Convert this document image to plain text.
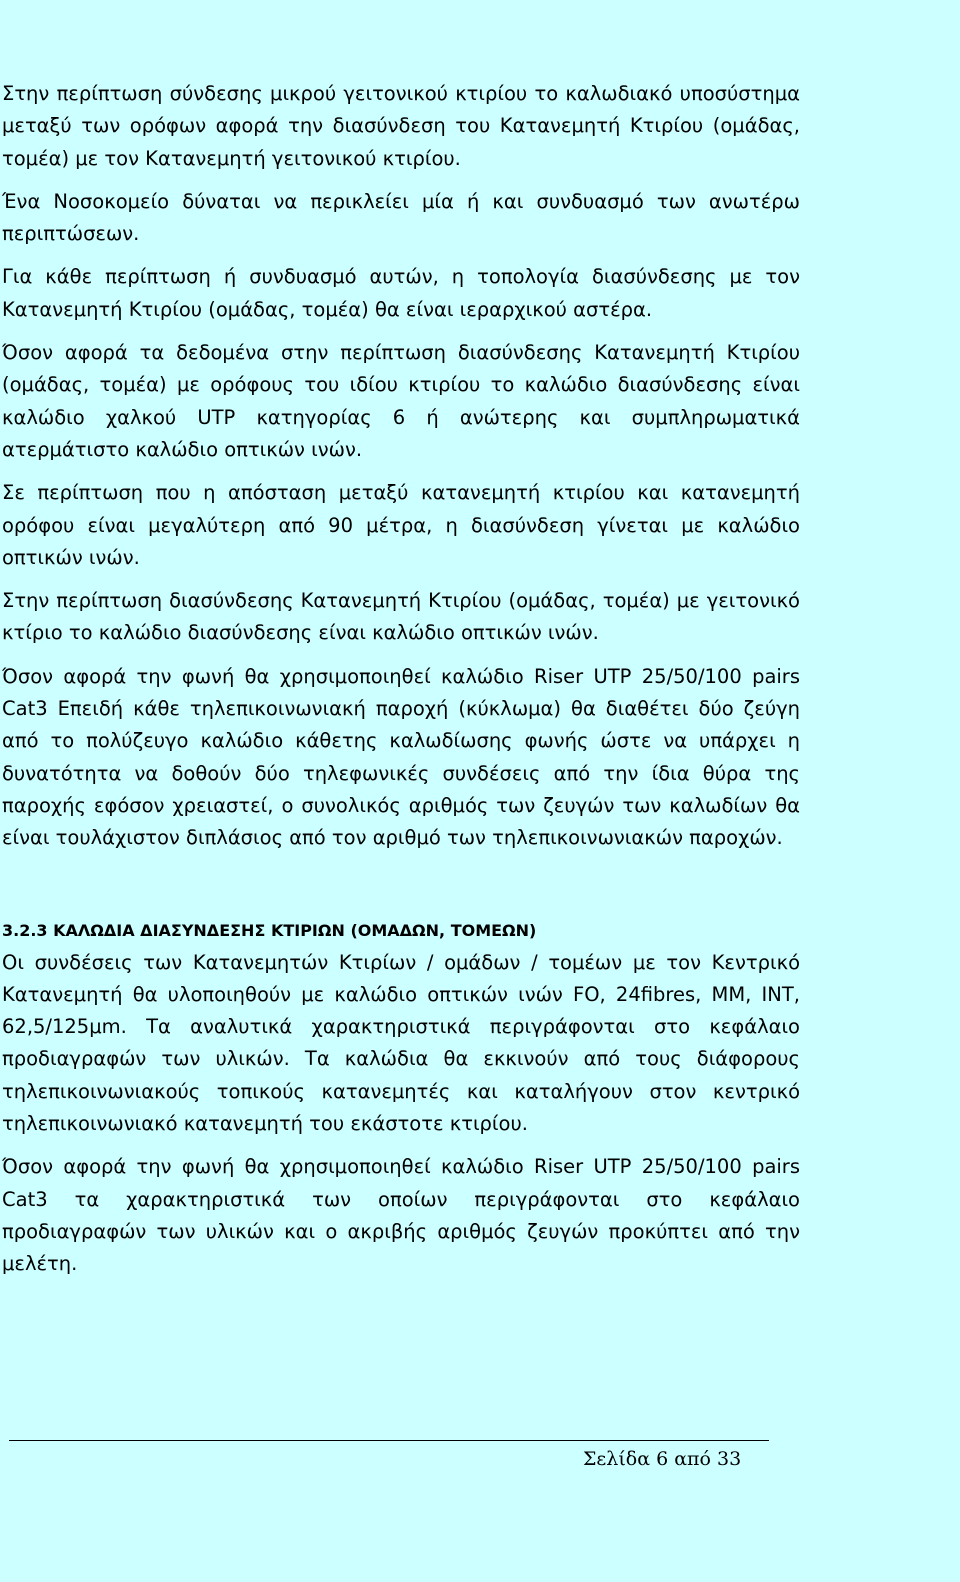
Στην περίπτωση σύνδεσης μικρού γειτονικού κτιρίου το καλωδιακό υποσύστημα μεταξύ των ορόφων αφορά την διασύνδεση του Κατανεμητή Κτιρίου (ομάδας, τομέα) με τον Κατανεμητή γειτονικού κτιρίου.

Ένα Νοσοκομείο δύναται να περικλείει μία ή και συνδυασμό των ανωτέρω περιπτώσεων.

Για κάθε περίπτωση ή συνδυασμό αυτών, η τοπολογία διασύνδεσης με τον Κατανεμητή Κτιρίου (ομάδας, τομέα) θα είναι ιεραρχικού αστέρα.

Όσον αφορά τα δεδομένα στην περίπτωση διασύνδεσης Κατανεμητή Κτιρίου (ομάδας, τομέα) με ορόφους του ιδίου κτιρίου το καλώδιο διασύνδεσης είναι καλώδιο χαλκού UTP κατηγορίας 6 ή ανώτερης και συμπληρωματικά ατερμάτιστο καλώδιο οπτικών ινών.

Σε περίπτωση που η απόσταση μεταξύ κατανεμητή κτιρίου και κατανεμητή ορόφου είναι μεγαλύτερη από 90 μέτρα, η διασύνδεση γίνεται με καλώδιο οπτικών ινών.

Στην περίπτωση διασύνδεσης Κατανεμητή Κτιρίου (ομάδας, τομέα) με γειτονικό κτίριο το καλώδιο διασύνδεσης είναι καλώδιο οπτικών ινών.

Όσον αφορά την φωνή θα χρησιμοποιηθεί καλώδιο Riser UTP 25/50/100 pairs Cat3 Επειδή κάθε τηλεπικοινωνιακή παροχή (κύκλωμα) θα διαθέτει δύο ζεύγη από το πολύζευγο καλώδιο κάθετης καλωδίωσης φωνής ώστε να υπάρχει η δυνατότητα να δοθούν δύο τηλεφωνικές συνδέσεις από την ίδια θύρα της παροχής εφόσον χρειαστεί, ο συνολικός αριθμός των ζευγών των καλωδίων θα είναι τουλάχιστον διπλάσιος από τον αριθμό των τηλεπικοινωνιακών παροχών.

3.2.3 ΚΑΛΩΔΙΑ ΔΙΑΣΥΝΔΕΣΗΣ ΚΤΙΡΙΩΝ (ΟΜΑΔΩΝ, ΤΟΜΕΩΝ)

Οι συνδέσεις των Κατανεμητών Κτιρίων / ομάδων / τομέων με τον Κεντρικό Κατανεμητή θα υλοποιηθούν με καλώδιο οπτικών ινών FO, 24fibres, MM, INT, 62,5/125μm. Τα αναλυτικά χαρακτηριστικά περιγράφονται στο κεφάλαιο προδιαγραφών των υλικών. Τα καλώδια θα εκκινούν από τους διάφορους τηλεπικοινωνιακούς τοπικούς κατανεμητές και καταλήγουν στον κεντρικό τηλεπικοινωνιακό κατανεμητή του εκάστοτε κτιρίου.

Όσον αφορά την φωνή θα χρησιμοποιηθεί καλώδιο Riser UTP 25/50/100 pairs Cat3 τα χαρακτηριστικά των οποίων περιγράφονται στο κεφάλαιο προδιαγραφών των υλικών και ο ακριβής αριθμός ζευγών προκύπτει από την μελέτη.

Σελίδα 6 από 33
